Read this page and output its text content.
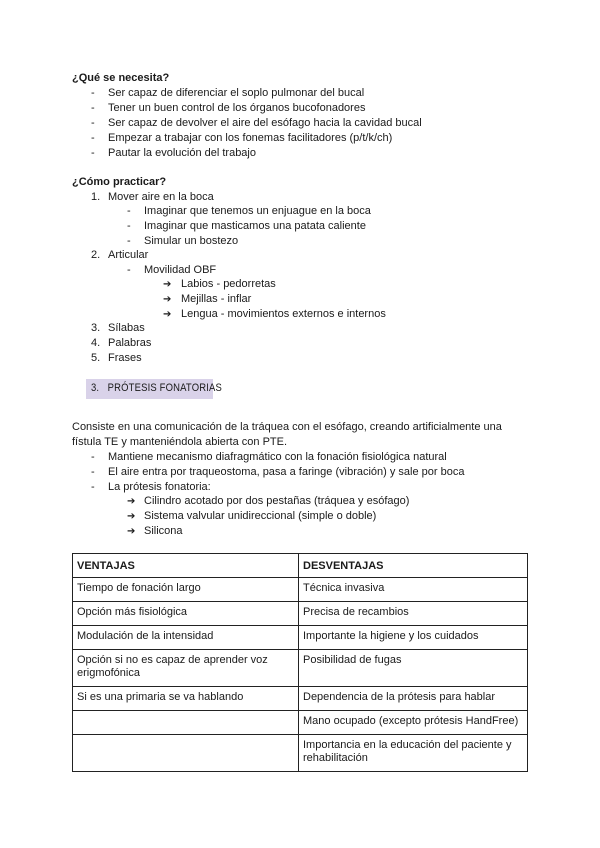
¿Qué se necesita?
- Ser capaz de diferenciar el soplo pulmonar del bucal
- Tener un buen control de los órganos bucofonadores
- Ser capaz de devolver el aire del esófago hacia la cavidad bucal
- Empezar a trabajar con los fonemas facilitadores (p/t/k/ch)
- Pautar la evolución del trabajo
¿Cómo practicar?
1. Mover aire en la boca
- Imaginar que tenemos un enjuague en la boca
- Imaginar que masticamos una patata caliente
- Simular un bostezo
2. Articular
- Movilidad OBF
➔ Labios - pedorretas
➔ Mejillas - inflar
➔ Lengua - movimientos externos e internos
3. Sílabas
4. Palabras
5. Frases
3.   PRÓTESIS FONATORIAS
Consiste en una comunicación de la tráquea con el esófago, creando artificialmente una
fístula TE y manteniéndola abierta con PTE.
- Mantiene mecanismo diafragmático con la fonación fisiológica natural
- El aire entra por traqueostoma, pasa a faringe (vibración) y sale por boca
- La prótesis fonatoria:
➔ Cilindro acotado por dos pestañas (tráquea y esófago)
➔ Sistema valvular unidireccional (simple o doble)
➔ Silicona
VENTAJAS	DESVENTAJAS
Tiempo de fonación largo	Técnica invasiva
Opción más fisiológica	Precisa de recambios
Modulación de la intensidad	Importante la higiene y los cuidados
Opción si no es capaz de aprender voz erigmofónica	Posibilidad de fugas
Si es una primaria se va hablando	Dependencia de la prótesis para hablar
	Mano ocupado (excepto prótesis HandFree)
	Importancia en la educación del paciente y rehabilitación
